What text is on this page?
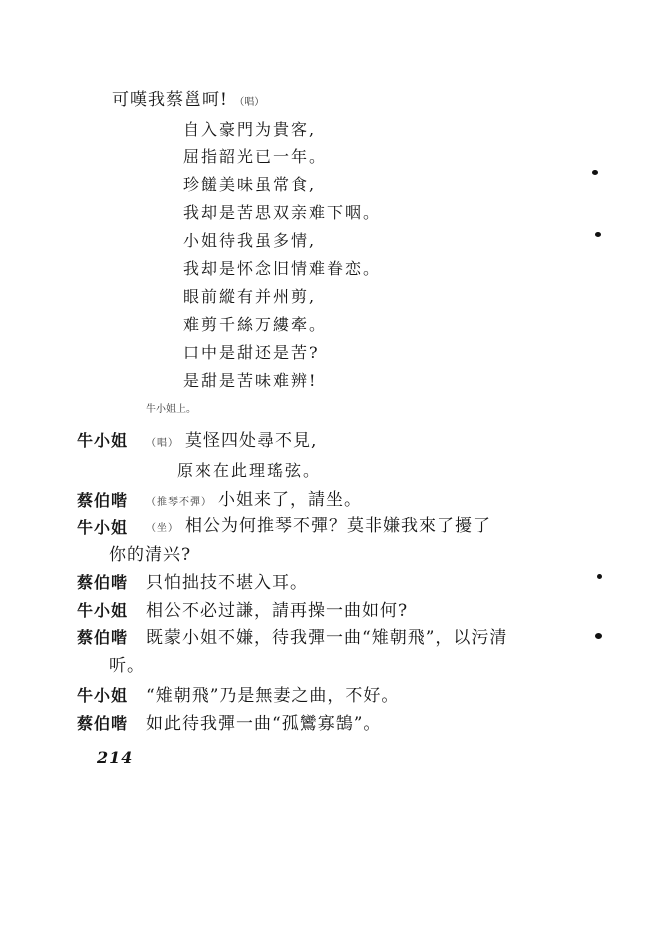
可嘆我蔡邕呵! （唱）
自入豪門为貴客,
屈指韶光已一年。
珍饈美味虽常食,
我却是苦思双亲难下咽。
小姐待我虽多情,
我却是怀念旧情难眷恋。
眼前縱有并州剪,
难剪千絲万縷牽。
口中是甜还是苦?
是甜是苦味难辨!
牛小姐上。
牛小姐 （唱） 莫怪四处尋不見,
原來在此理瑤弦。
蔡伯喈 （推琴不彈） 小姐来了，請坐。
牛小姐 （坐） 相公为何推琴不彈？莫非嫌我來了擾了
你的清兴?
蔡伯喈 只怕拙技不堪入耳。
牛小姐 相公不必过謙，請再操一曲如何?
蔡伯喈 既蒙小姐不嫌，待我彈一曲“雉朝飛”，以污清
听。
牛小姐 “雉朝飛”乃是無妻之曲，不好。
蔡伯喈 如此待我彈一曲“孤鸞寡鵠”。
214
